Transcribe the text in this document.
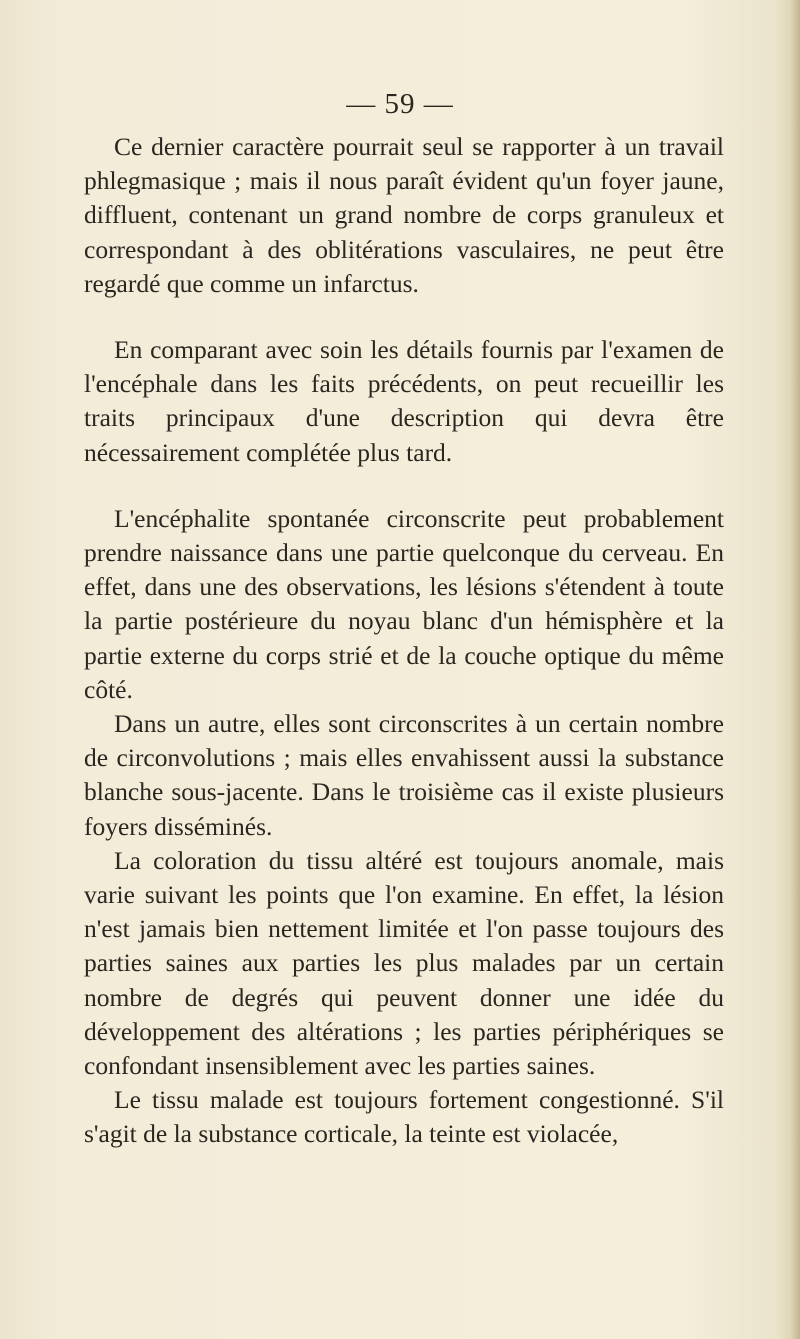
— 59 —

Ce dernier caractère pourrait seul se rapporter à un travail phlegmasique ; mais il nous paraît évident qu'un foyer jaune, diffluent, contenant un grand nombre de corps granuleux et correspondant à des oblitérations vasculaires, ne peut être regardé que comme un infarctus.

En comparant avec soin les détails fournis par l'examen de l'encéphale dans les faits précédents, on peut recueillir les traits principaux d'une description qui devra être nécessairement complétée plus tard.

L'encéphalite spontanée circonscrite peut probablement prendre naissance dans une partie quelconque du cerveau. En effet, dans une des observations, les lésions s'étendent à toute la partie postérieure du noyau blanc d'un hémisphère et la partie externe du corps strié et de la couche optique du même côté.

Dans un autre, elles sont circonscrites à un certain nombre de circonvolutions ; mais elles envahissent aussi la substance blanche sous-jacente. Dans le troisième cas il existe plusieurs foyers disséminés.

La coloration du tissu altéré est toujours anomale, mais varie suivant les points que l'on examine. En effet, la lésion n'est jamais bien nettement limitée et l'on passe toujours des parties saines aux parties les plus malades par un certain nombre de degrés qui peuvent donner une idée du développement des altérations ; les parties périphériques se confondant insensiblement avec les parties saines.

Le tissu malade est toujours fortement congestionné. S'il s'agit de la substance corticale, la teinte est violacée,
